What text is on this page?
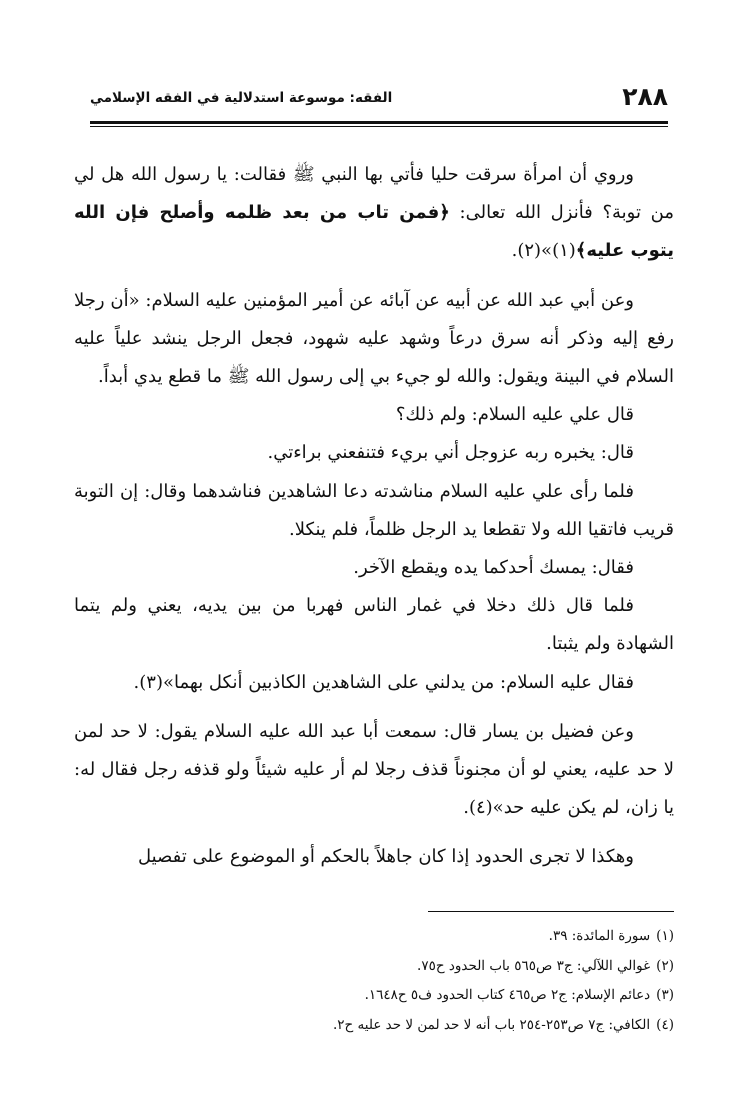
٢٨٨
الفقه: موسوعة استدلالية في الفقه الإسلامي

وروي أن امرأة سرقت حليا فأتي بها النبي ﷺ فقالت: يا رسول الله هل لي من توبة؟ فأنزل الله تعالى: ﴿فمن تاب من بعد ظلمه وأصلح فإن الله يتوب عليه﴾(١)»(٢).

وعن أبي عبد الله عن أبيه عن آبائه عن أمير المؤمنين عليه السلام: «أن رجلا رفع إليه وذكر أنه سرق درعاً وشهد عليه شهود، فجعل الرجل ينشد علياً عليه السلام في البينة ويقول: والله لو جيء بي إلى رسول الله ﷺ ما قطع يدي أبداً.

قال علي عليه السلام: ولم ذلك؟

قال: يخبره ربه عزوجل أني بريء فتنفعني براءتي.

فلما رأى علي عليه السلام مناشدته دعا الشاهدين فناشدهما وقال: إن التوبة قريب فاتقيا الله ولا تقطعا يد الرجل ظلماً، فلم ينكلا.

فقال: يمسك أحدكما يده ويقطع الآخر.

فلما قال ذلك دخلا في غمار الناس فهربا من بين يديه، يعني ولم يتما الشهادة ولم يثبتا.

فقال عليه السلام: من يدلني على الشاهدين الكاذبين أنكل بهما»(٣).

وعن فضيل بن يسار قال: سمعت أبا عبد الله عليه السلام يقول: لا حد لمن لا حد عليه، يعني لو أن مجنوناً قذف رجلا لم أر عليه شيئاً ولو قذفه رجل فقال له: يا زان، لم يكن عليه حد»(٤).

وهكذا لا تجرى الحدود إذا كان جاهلاً بالحكم أو الموضوع على تفصيل

(١)سورة المائدة: ٣٩.

(٢)غوالي اللآلي: ج٣ ص٥٦٥ باب الحدود ح٧٥.

(٣)دعائم الإسلام: ج٢ ص٤٦٥ كتاب الحدود ف٥ ح١٦٤٨.

(٤)الكافي: ج٧ ص٢٥٣-٢٥٤ باب أنه لا حد لمن لا حد عليه ح٢.
